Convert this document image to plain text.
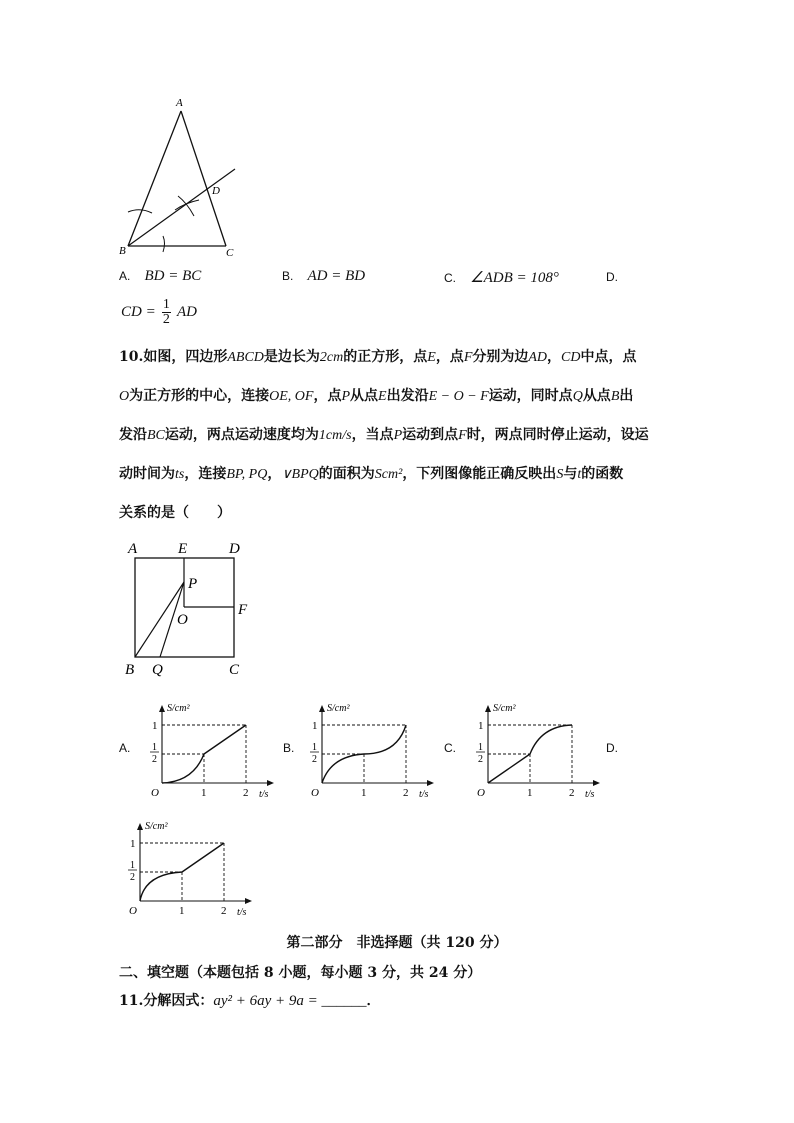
A
D
B	C
A. BD = BC	B. AD = BD	C. ∠ADB = 108°	D.
CD = $\frac{1}{2}$ AD
10.如图，四边形ABCD是边长为2cm的正方形，点E，点F分别为边AD，CD中点，点
O为正方形的中心，连接OE, OF，点P从点E出发沿E − O − F运动，同时点Q从点B出
发沿BC运动，两点运动速度均为1cm/s，当点P运动到点F时，两点同时停止运动，设运
动时间为ts，连接BP, PQ，∨BPQ的面积为Scm²，下列图像能正确反映出S与t的函数
关系的是（　　）
A	E	D
P
F
O
B Q	C
S/cm²
t/s
O
1
1
2
1	2
A.
S/cm²
t/s
O
1
1
2
1	2
B.
S/cm²
t/s
O
1
1
2
1	2
C.	D.
S/cm²
t/s
O
1
1
2
1	2
第二部分　非选择题（共 120 分）
二、填空题（本题包括 8 小题，每小题 3 分，共 24 分）
11.分解因式：ay² + 6ay + 9a = ______．
